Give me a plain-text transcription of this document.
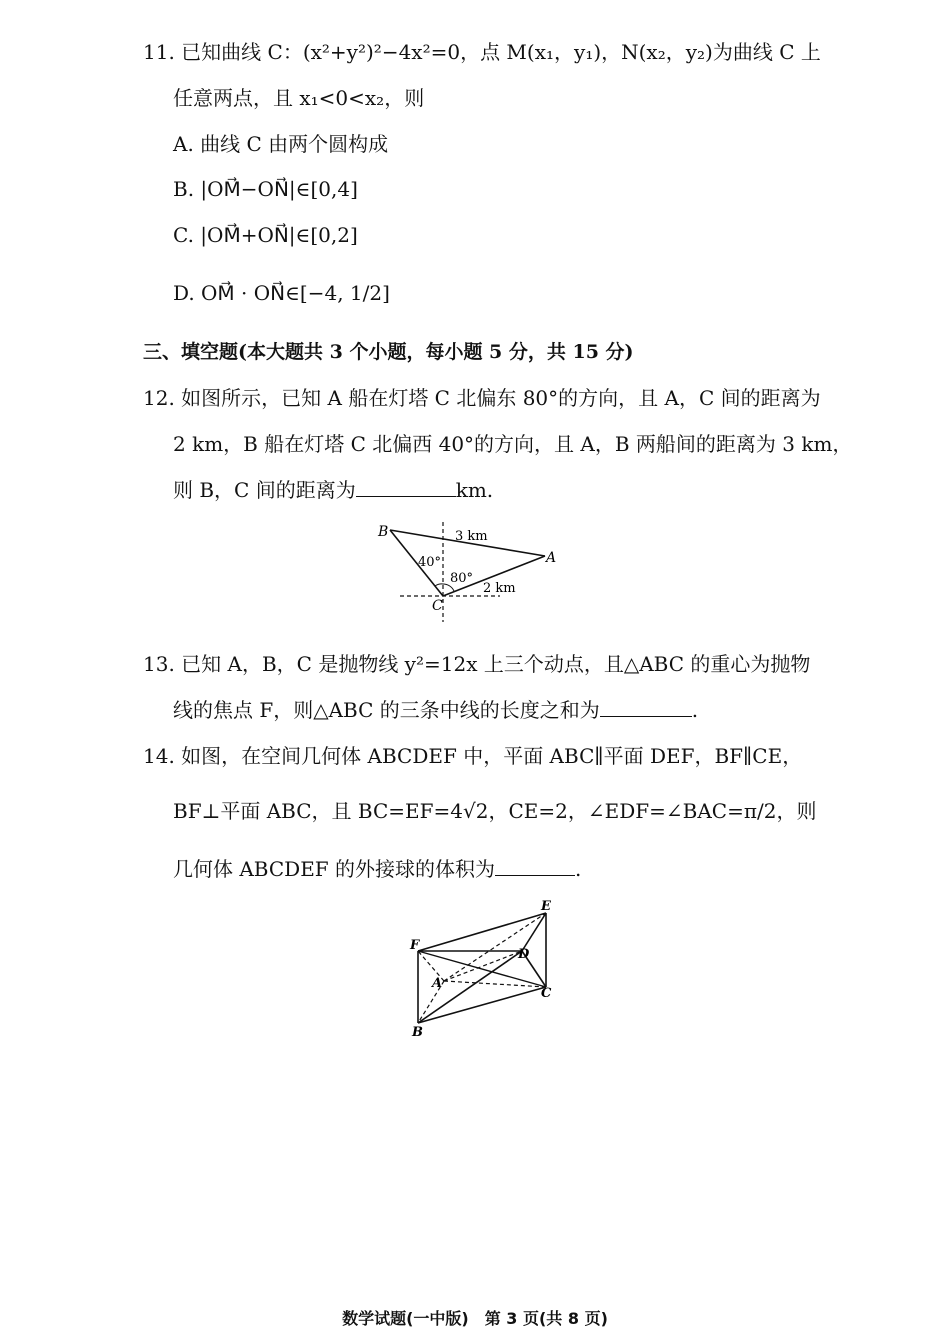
11. 已知曲线 C：(x²+y²)²−4x²=0，点 M(x₁，y₁)，N(x₂，y₂)为曲线 C 上
任意两点，且 x₁<0<x₂，则
A. 曲线 C 由两个圆构成
B. |OM⃗−ON⃗|∈[0,4]
C. |OM⃗+ON⃗|∈[0,2]
D. OM⃗ · ON⃗∈[−4, 1/2]
三、填空题(本大题共 3 个小题，每小题 5 分，共 15 分)
12. 如图所示，已知 A 船在灯塔 C 北偏东 80°的方向，且 A，C 间的距离为
2 km，B 船在灯塔 C 北偏西 40°的方向，且 A，B 两船间的距离为 3 km，
则 B，C 间的距离为	km.
B
A
C
3 km
2 km
40°
80°
13. 已知 A，B，C 是抛物线 y²=12x 上三个动点，且△ABC 的重心为抛物
线的焦点 F，则△ABC 的三条中线的长度之和为	.
14. 如图，在空间几何体 ABCDEF 中，平面 ABC∥平面 DEF，BF∥CE，
BF⊥平面 ABC，且 BC=EF=4√2，CE=2，∠EDF=∠BAC=π/2，则
几何体 ABCDEF 的外接球的体积为	.
E
F
D
A
C
B
数学试题(一中版)　第 3 页(共 8 页)
